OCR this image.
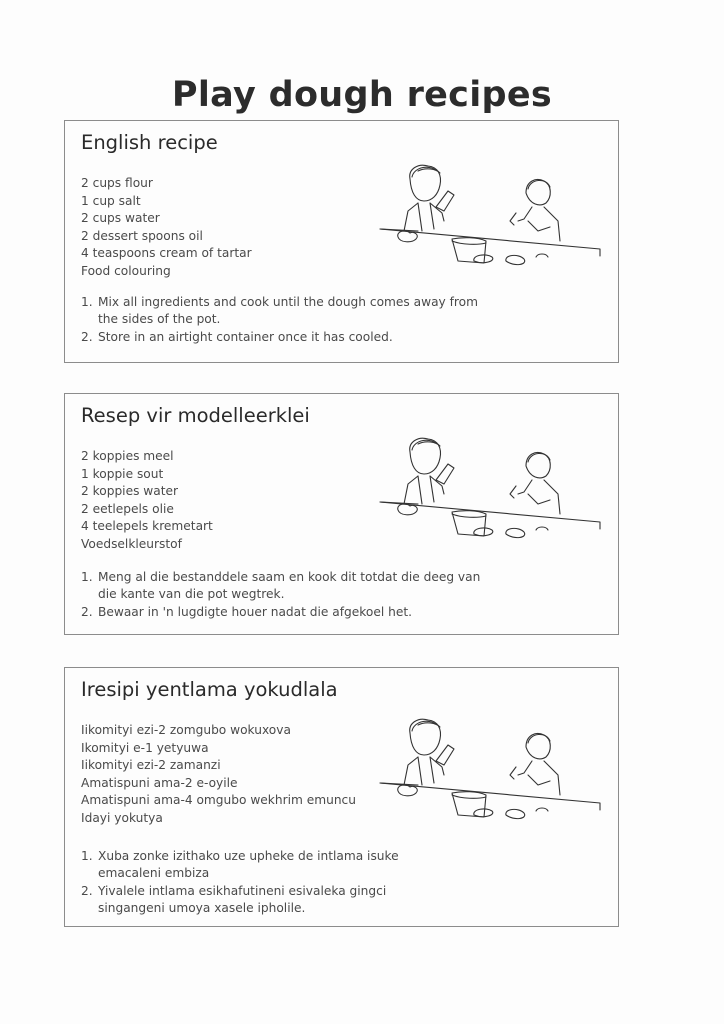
Play dough recipes
English recipe
2 cups flour
1 cup salt
2 cups water
2 dessert spoons oil
4 teaspoons cream of tartar
Food colouring
1. Mix all ingredients and cook until the dough comes away from the sides of the pot.
2. Store in an airtight container once it has cooled.
Resep vir modelleerklei
2 koppies meel
1 koppie sout
2 koppies water
2 eetlepels olie
4 teelepels kremetart
Voedselkleurstof
1. Meng al die bestanddele saam en kook dit totdat die deeg van die kante van die pot wegtrek.
2. Bewaar in 'n lugdigte houer nadat die afgekoel het.
Iresipi yentlama yokudlala
Iikomityi ezi-2 zomgubo wokuxova
Ikomityi e-1 yetyuwa
Iikomityi ezi-2 zamanzi
Amatispuni ama-2 e-oyile
Amatispuni ama-4 omgubo wekhrim emuncu
Idayi yokutya
1. Xuba zonke izithako uze upheke de intlama isuke emacaleni embiza
2. Yivalele intlama esikhafutineni esivaleka gingci singangeni umoya xasele ipholile.
